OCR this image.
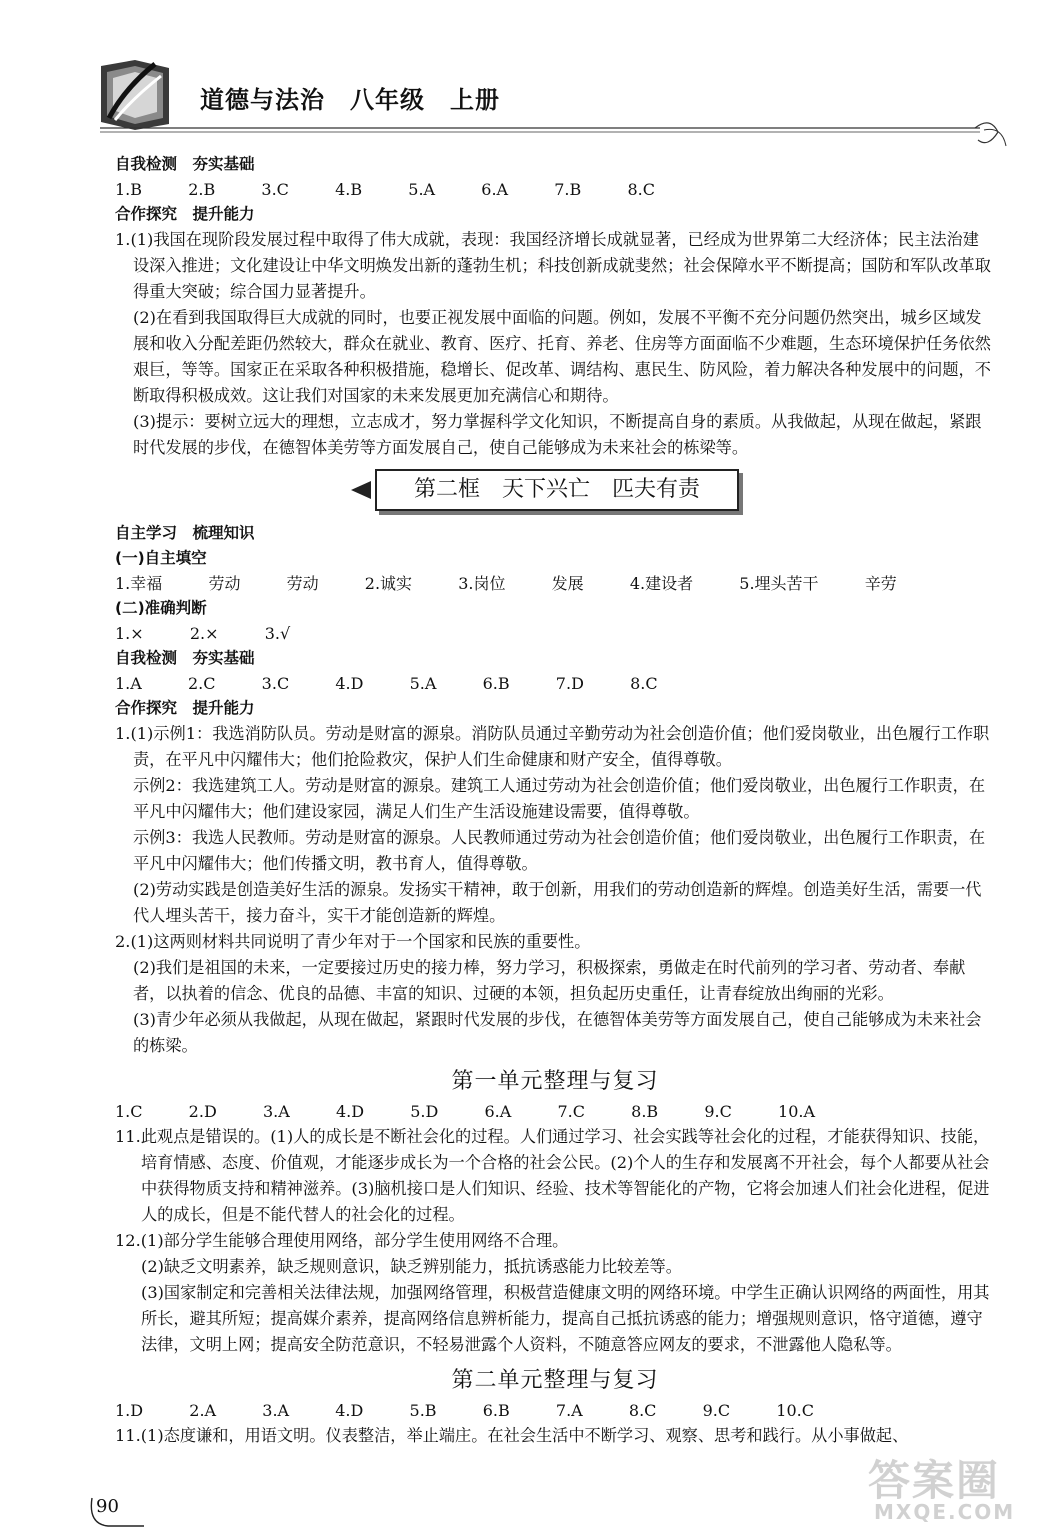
道德与法治　八年级　上册
自我检测　夯实基础
1.B  2.B  3.C  4.B  5.A  6.A  7.B  8.C
合作探究　提升能力
1.(1)我国在现阶段发展过程中取得了伟大成就，表现：我国经济增长成就显著，已经成为世界第二大经济体；民主法治建设深入推进；文化建设让中华文明焕发出新的蓬勃生机；科技创新成就斐然；社会保障水平不断提高；国防和军队改革取得重大突破；综合国力显著提升。
(2)在看到我国取得巨大成就的同时，也要正视发展中面临的问题。例如，发展不平衡不充分问题仍然突出，城乡区域发展和收入分配差距仍然较大，群众在就业、教育、医疗、托育、养老、住房等方面面临不少难题，生态环境保护任务依然艰巨，等等。国家正在采取各种积极措施，稳增长、促改革、调结构、惠民生、防风险，着力解决各种发展中的问题，不断取得积极成效。这让我们对国家的未来发展更加充满信心和期待。
(3)提示：要树立远大的理想，立志成才，努力掌握科学文化知识，不断提高自身的素质。从我做起，从现在做起，紧跟时代发展的步伐，在德智体美劳等方面发展自己，使自己能够成为未来社会的栋梁等。
第二框　天下兴亡　匹夫有责
自主学习　梳理知识
(一)自主填空
1.幸福  劳动  劳动  2.诚实  3.岗位  发展  4.建设者  5.埋头苦干  辛劳
(二)准确判断
1.×  2.×  3.√
自我检测　夯实基础
1.A  2.C  3.C  4.D  5.A  6.B  7.D  8.C
合作探究　提升能力
1.(1)示例1：我选消防队员。劳动是财富的源泉。消防队员通过辛勤劳动为社会创造价值；他们爱岗敬业，出色履行工作职责，在平凡中闪耀伟大；他们抢险救灾，保护人们生命健康和财产安全，值得尊敬。
示例2：我选建筑工人。劳动是财富的源泉。建筑工人通过劳动为社会创造价值；他们爱岗敬业，出色履行工作职责，在平凡中闪耀伟大；他们建设家园，满足人们生产生活设施建设需要，值得尊敬。
示例3：我选人民教师。劳动是财富的源泉。人民教师通过劳动为社会创造价值；他们爱岗敬业，出色履行工作职责，在平凡中闪耀伟大；他们传播文明，教书育人，值得尊敬。
(2)劳动实践是创造美好生活的源泉。发扬实干精神，敢于创新，用我们的劳动创造新的辉煌。创造美好生活，需要一代代人埋头苦干，接力奋斗，实干才能创造新的辉煌。
2.(1)这两则材料共同说明了青少年对于一个国家和民族的重要性。
(2)我们是祖国的未来，一定要接过历史的接力棒，努力学习，积极探索，勇做走在时代前列的学习者、劳动者、奉献者，以执着的信念、优良的品德、丰富的知识、过硬的本领，担负起历史重任，让青春绽放出绚丽的光彩。
(3)青少年必须从我做起，从现在做起，紧跟时代发展的步伐，在德智体美劳等方面发展自己，使自己能够成为未来社会的栋梁。
第一单元整理与复习
1.C  2.D  3.A  4.D  5.D  6.A  7.C  8.B  9.C  10.A
11.此观点是错误的。(1)人的成长是不断社会化的过程。人们通过学习、社会实践等社会化的过程，才能获得知识、技能，培育情感、态度、价值观，才能逐步成长为一个合格的社会公民。(2)个人的生存和发展离不开社会，每个人都要从社会中获得物质支持和精神滋养。(3)脑机接口是人们知识、经验、技术等智能化的产物，它将会加速人们社会化进程，促进人的成长，但是不能代替人的社会化的过程。
12.(1)部分学生能够合理使用网络，部分学生使用网络不合理。
(2)缺乏文明素养，缺乏规则意识，缺乏辨别能力，抵抗诱惑能力比较差等。
(3)国家制定和完善相关法律法规，加强网络管理，积极营造健康文明的网络环境。中学生正确认识网络的两面性，用其所长，避其所短；提高媒介素养，提高网络信息辨析能力，提高自己抵抗诱惑的能力；增强规则意识，恪守道德，遵守法律，文明上网；提高安全防范意识，不轻易泄露个人资料，不随意答应网友的要求，不泄露他人隐私等。
第二单元整理与复习
1.D  2.A  3.A  4.D  5.B  6.B  7.A  8.C  9.C  10.C
11.(1)态度谦和，用语文明。仪表整洁，举止端庄。在社会生活中不断学习、观察、思考和践行。从小事做起、
90
答案圈
MXQE.COM
